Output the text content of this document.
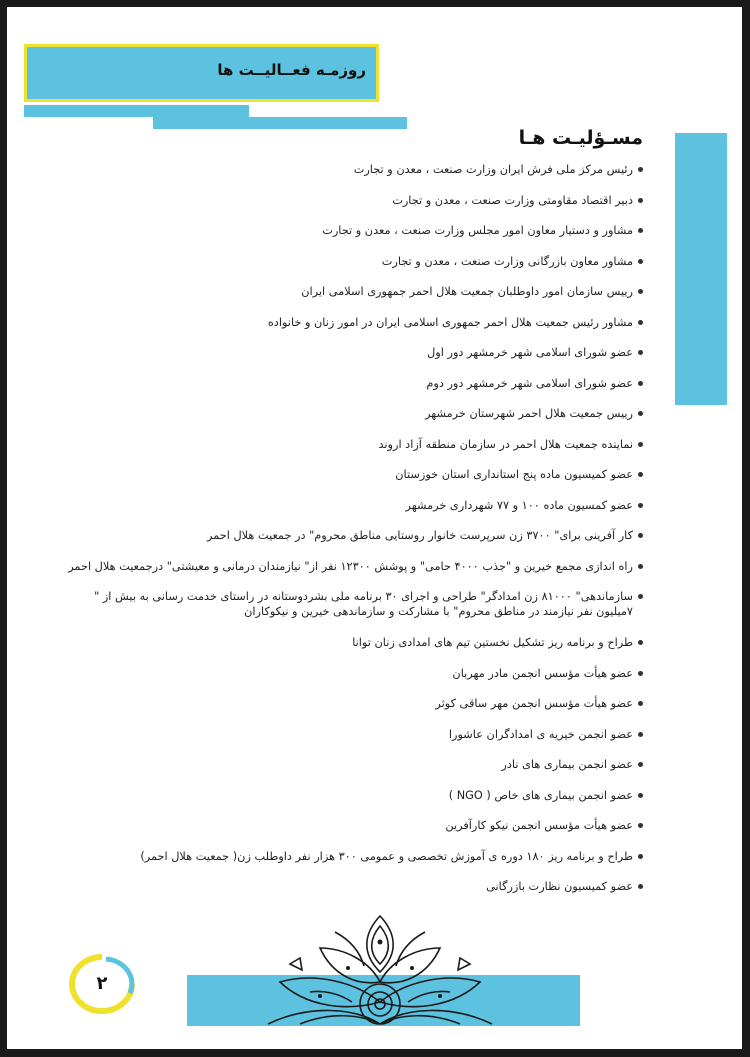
روزمـه فعــالیــت ها
مسـؤلیـت هـا
رئیس مرکز ملی فرش ایران وزارت صنعت ، معدن و تجارت
دبیر اقتصاد مقاومتی وزارت صنعت ، معدن و تجارت
مشاور و دستیار معاون امور مجلس وزارت صنعت ، معدن و تجارت
مشاور معاون بازرگانی وزارت صنعت ، معدن و تجارت
رییس سازمان امور داوطلبان جمعیت هلال احمر جمهوری اسلامی ایران
مشاور رئیس جمعیت هلال احمر جمهوری اسلامی ایران در امور زنان و خانواده
عضو شورای اسلامی شهر خرمشهر دور اول
عضو شورای اسلامی شهر خرمشهر دور دوم
رییس جمعیت هلال احمر شهرستان خرمشهر
نماینده جمعیت هلال احمر در سازمان منطقه آزاد اروند
عضو کمیسیون ماده پنج استانداری استان خوزستان
عضو کمسیون ماده ۱۰۰ و ۷۷ شهرداری خرمشهر
کار آفرینی برای" ۳۷۰۰ زن سرپرست خانوار روستایی مناطق محروم" در جمعیت هلال احمر
راه اندازی مجمع خیرین و "جذب ۴۰۰۰ حامی" و پوشش ۱۲۳۰۰ نفر از" نیازمندان درمانی و معیشتی" درجمعیت هلال احمر
سازماندهی" ۸۱۰۰۰ زن امدادگر" طراحی و اجرای ۳۰ برنامه ملی بشردوستانه در راستای خدمت رسانی به بیش از " ۷میلیون نفر نیازمند در مناطق محروم" با مشارکت و سازماندهی خیرین و نیکوکاران
طراح و برنامه ریز تشکیل نخستین تیم های امدادی زنان توانا
عضو هیأت مؤسس انجمن مادر مهربان
عضو هیأت مؤسس انجمن مهر ساقی کوثر
عضو انجمن خیریه ی امدادگران عاشورا
عضو انجمن بیماری های نادر
عضو انجمن بیماری های خاص ( NGO )
عضو هیأت مؤسس انجمن نیکو کارآفرین
طراح و برنامه ریز ۱۸۰ دوره ی آموزش تخصصی و عمومی ۳۰۰ هزار نفر داوطلب زن( جمعیت هلال احمر)
عضو کمیسیون نظارت بازرگانی
۲
